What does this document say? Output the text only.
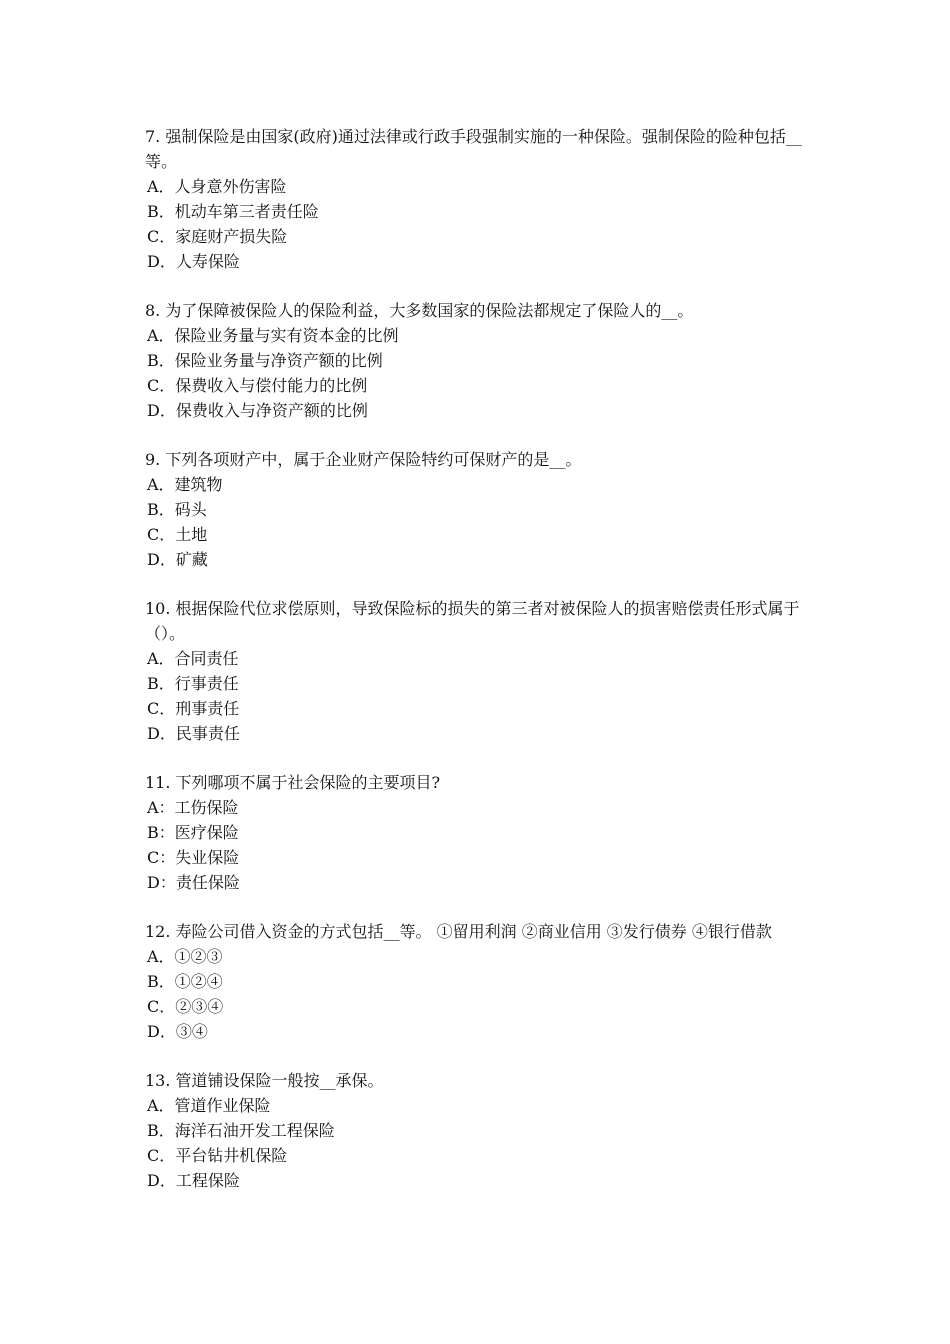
7. 强制保险是由国家(政府)通过法律或行政手段强制实施的一种保险。强制保险的险种包括__等。

A．人身意外伤害险

B．机动车第三者责任险

C．家庭财产损失险

D．人寿保险

8. 为了保障被保险人的保险利益，大多数国家的保险法都规定了保险人的__。

A．保险业务量与实有资本金的比例

B．保险业务量与净资产额的比例

C．保费收入与偿付能力的比例

D．保费收入与净资产额的比例

9. 下列各项财产中，属于企业财产保险特约可保财产的是__。

A．建筑物

B．码头

C．土地

D．矿藏

10. 根据保险代位求偿原则，导致保险标的损失的第三者对被保险人的损害赔偿责任形式属于（）。

A．合同责任

B．行事责任

C．刑事责任

D．民事责任

11. 下列哪项不属于社会保险的主要项目?

A：工伤保险

B：医疗保险

C：失业保险

D：责任保险

12. 寿险公司借入资金的方式包括__等。 ①留用利润 ②商业信用 ③发行债券 ④银行借款

A．①②③

B．①②④

C．②③④

D．③④

13. 管道铺设保险一般按__承保。

A．管道作业保险

B．海洋石油开发工程保险

C．平台钻井机保险

D．工程保险
